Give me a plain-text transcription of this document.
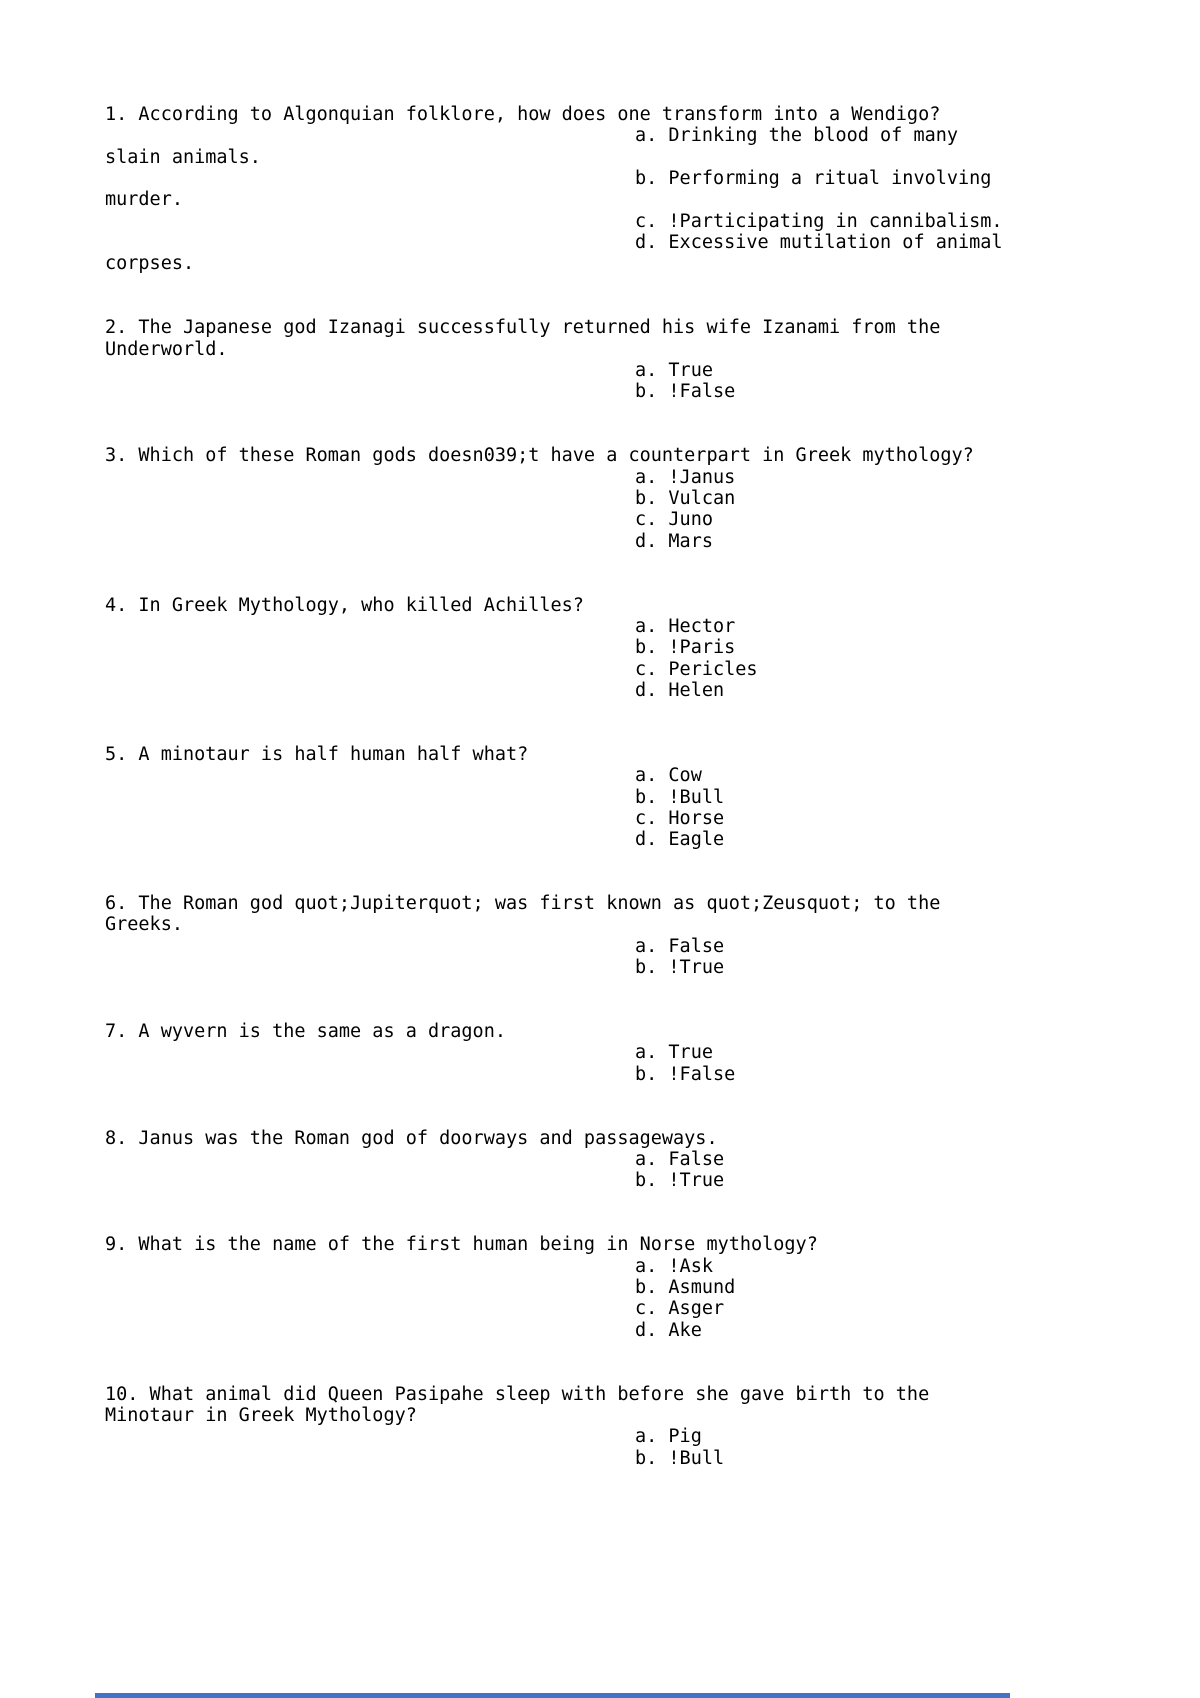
1. According to Algonquian folklore, how does one transform into a Wendigo?
a. Drinking the blood of many
slain animals.
b. Performing a ritual involving
murder.
c. !Participating in cannibalism.
d. Excessive mutilation of animal
corpses.
2. The Japanese god Izanagi successfully returned his wife Izanami from the
Underworld.
a. True
b. !False
3. Which of these Roman gods doesn039;t have a counterpart in Greek mythology?
a. !Janus
b. Vulcan
c. Juno
d. Mars
4. In Greek Mythology, who killed Achilles?
a. Hector
b. !Paris
c. Pericles
d. Helen
5. A minotaur is half human half what?
a. Cow
b. !Bull
c. Horse
d. Eagle
6. The Roman god quot;Jupiterquot; was first known as quot;Zeusquot; to the
Greeks.
a. False
b. !True
7. A wyvern is the same as a dragon.
a. True
b. !False
8. Janus was the Roman god of doorways and passageways.
a. False
b. !True
9. What is the name of the first human being in Norse mythology?
a. !Ask
b. Asmund
c. Asger
d. Ake
10. What animal did Queen Pasipahe sleep with before she gave birth to the
Minotaur in Greek Mythology?
a. Pig
b. !Bull
